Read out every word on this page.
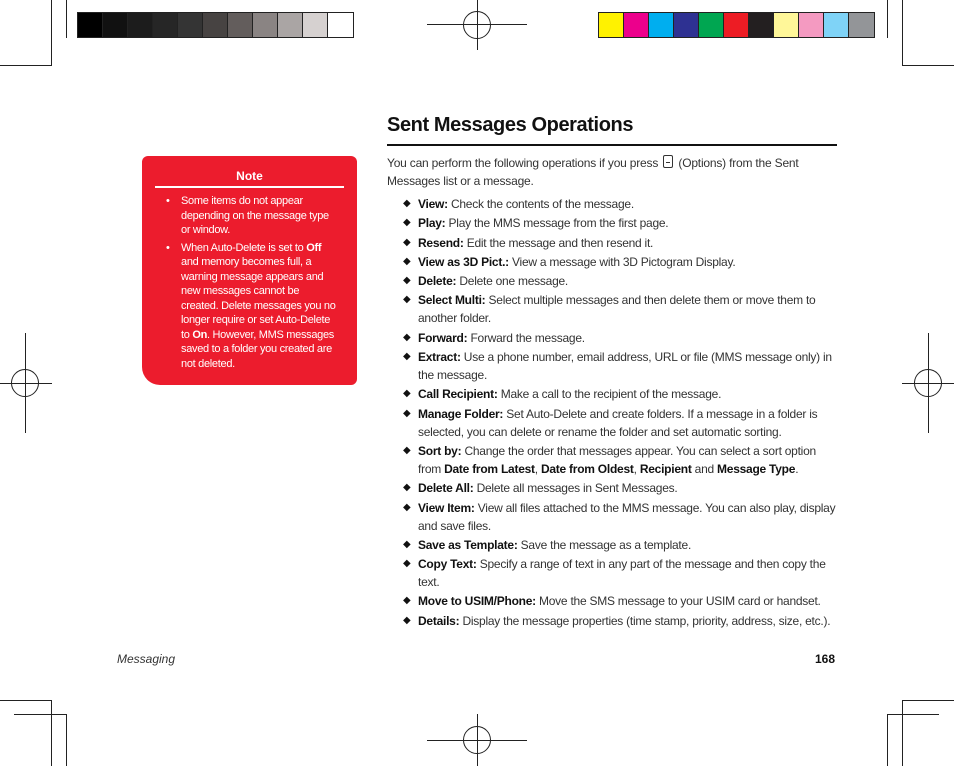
Note
• Some items do not appear depending on the message type or window.
• When Auto-Delete is set to Off and memory becomes full, a warning message appears and new messages cannot be created. Delete messages you no longer require or set Auto-Delete to On. However, MMS messages saved to a folder you created are not deleted.
Sent Messages Operations
You can perform the following operations if you press (Options) from the Sent Messages list or a message.
◆ View: Check the contents of the message.
◆ Play: Play the MMS message from the first page.
◆ Resend: Edit the message and then resend it.
◆ View as 3D Pict.: View a message with 3D Pictogram Display.
◆ Delete: Delete one message.
◆ Select Multi: Select multiple messages and then delete them or move them to another folder.
◆ Forward: Forward the message.
◆ Extract: Use a phone number, email address, URL or file (MMS message only) in the message.
◆ Call Recipient: Make a call to the recipient of the message.
◆ Manage Folder: Set Auto-Delete and create folders. If a message in a folder is selected, you can delete or rename the folder and set automatic sorting.
◆ Sort by: Change the order that messages appear. You can select a sort option from Date from Latest, Date from Oldest, Recipient and Message Type.
◆ Delete All: Delete all messages in Sent Messages.
◆ View Item: View all files attached to the MMS message. You can also play, display and save files.
◆ Save as Template: Save the message as a template.
◆ Copy Text: Specify a range of text in any part of the message and then copy the text.
◆ Move to USIM/Phone: Move the SMS message to your USIM card or handset.
◆ Details: Display the message properties (time stamp, priority, address, size, etc.).
Messaging	168
